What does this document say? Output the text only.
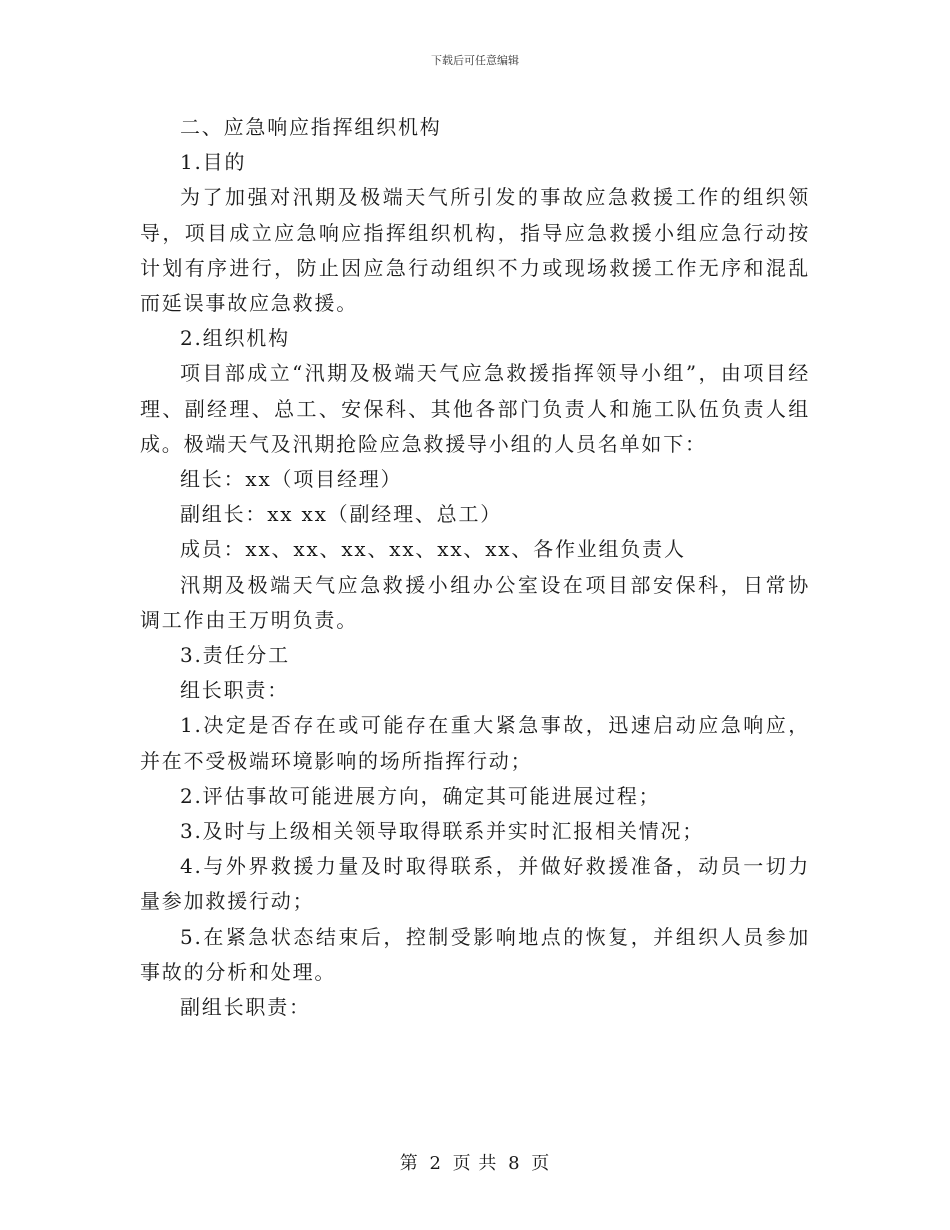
下载后可任意编辑

二、应急响应指挥组织机构

1.目的

为了加强对汛期及极端天气所引发的事故应急救援工作的组织领导，项目成立应急响应指挥组织机构，指导应急救援小组应急行动按计划有序进行，防止因应急行动组织不力或现场救援工作无序和混乱而延误事故应急救援。

2.组织机构

项目部成立“汛期及极端天气应急救援指挥领导小组”，由项目经理、副经理、总工、安保科、其他各部门负责人和施工队伍负责人组成。极端天气及汛期抢险应急救援导小组的人员名单如下：

组长：xx（项目经理）

副组长：xx xx（副经理、总工）

成员：xx、xx、xx、xx、xx、xx、各作业组负责人

汛期及极端天气应急救援小组办公室设在项目部安保科，日常协调工作由王万明负责。

3.责任分工

组长职责：

1.决定是否存在或可能存在重大紧急事故，迅速启动应急响应，并在不受极端环境影响的场所指挥行动；

2.评估事故可能进展方向，确定其可能进展过程；

3.及时与上级相关领导取得联系并实时汇报相关情况；

4.与外界救援力量及时取得联系，并做好救援准备，动员一切力量参加救援行动；

5.在紧急状态结束后，控制受影响地点的恢复，并组织人员参加事故的分析和处理。

副组长职责：

第 2 页 共 8 页
